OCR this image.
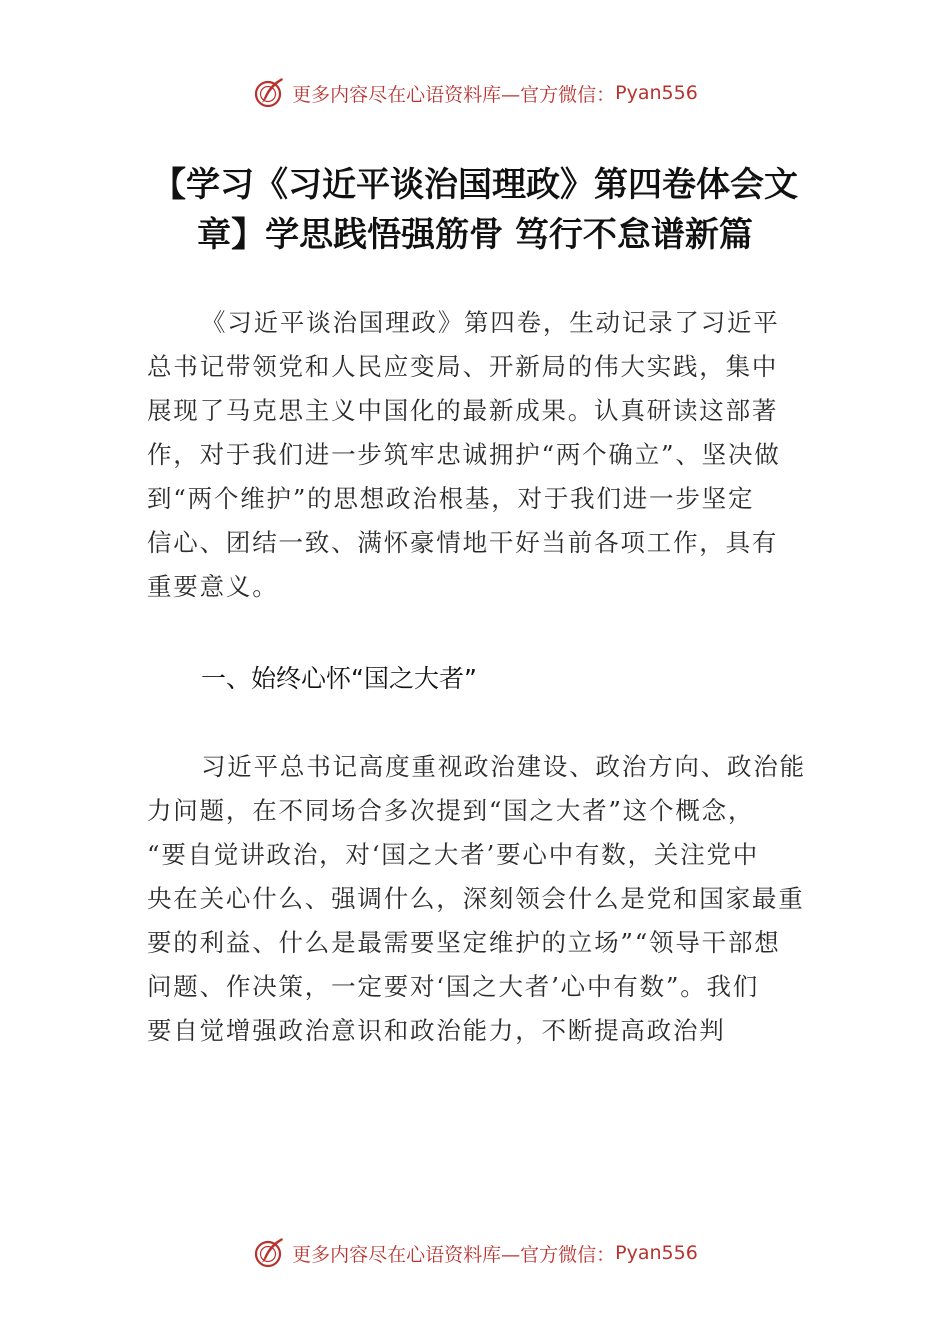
更多内容尽在心语资料库—官方微信： Pyan556
【学习《习近平谈治国理政》第四卷体会文
章】学思践悟强筋骨 笃行不怠谱新篇

《习近平谈治国理政》第四卷，生动记录了习近平
总书记带领党和人民应变局、开新局的伟大实践，集中
展现了马克思主义中国化的最新成果。认真研读这部著
作，对于我们进一步筑牢忠诚拥护“两个确立”、坚决做
到“两个维护”的思想政治根基，对于我们进一步坚定
信心、团结一致、满怀豪情地干好当前各项工作，具有
重要意义。

一、始终心怀“国之大者”

习近平总书记高度重视政治建设、政治方向、政治能
力问题，在不同场合多次提到“国之大者”这个概念，
“要自觉讲政治，对‘国之大者’要心中有数，关注党中
央在关心什么、强调什么，深刻领会什么是党和国家最重
要的利益、什么是最需要坚定维护的立场”“领导干部想
问题、作决策，一定要对‘国之大者’心中有数”。我们
要自觉增强政治意识和政治能力，不断提高政治判

更多内容尽在心语资料库—官方微信： Pyan556
